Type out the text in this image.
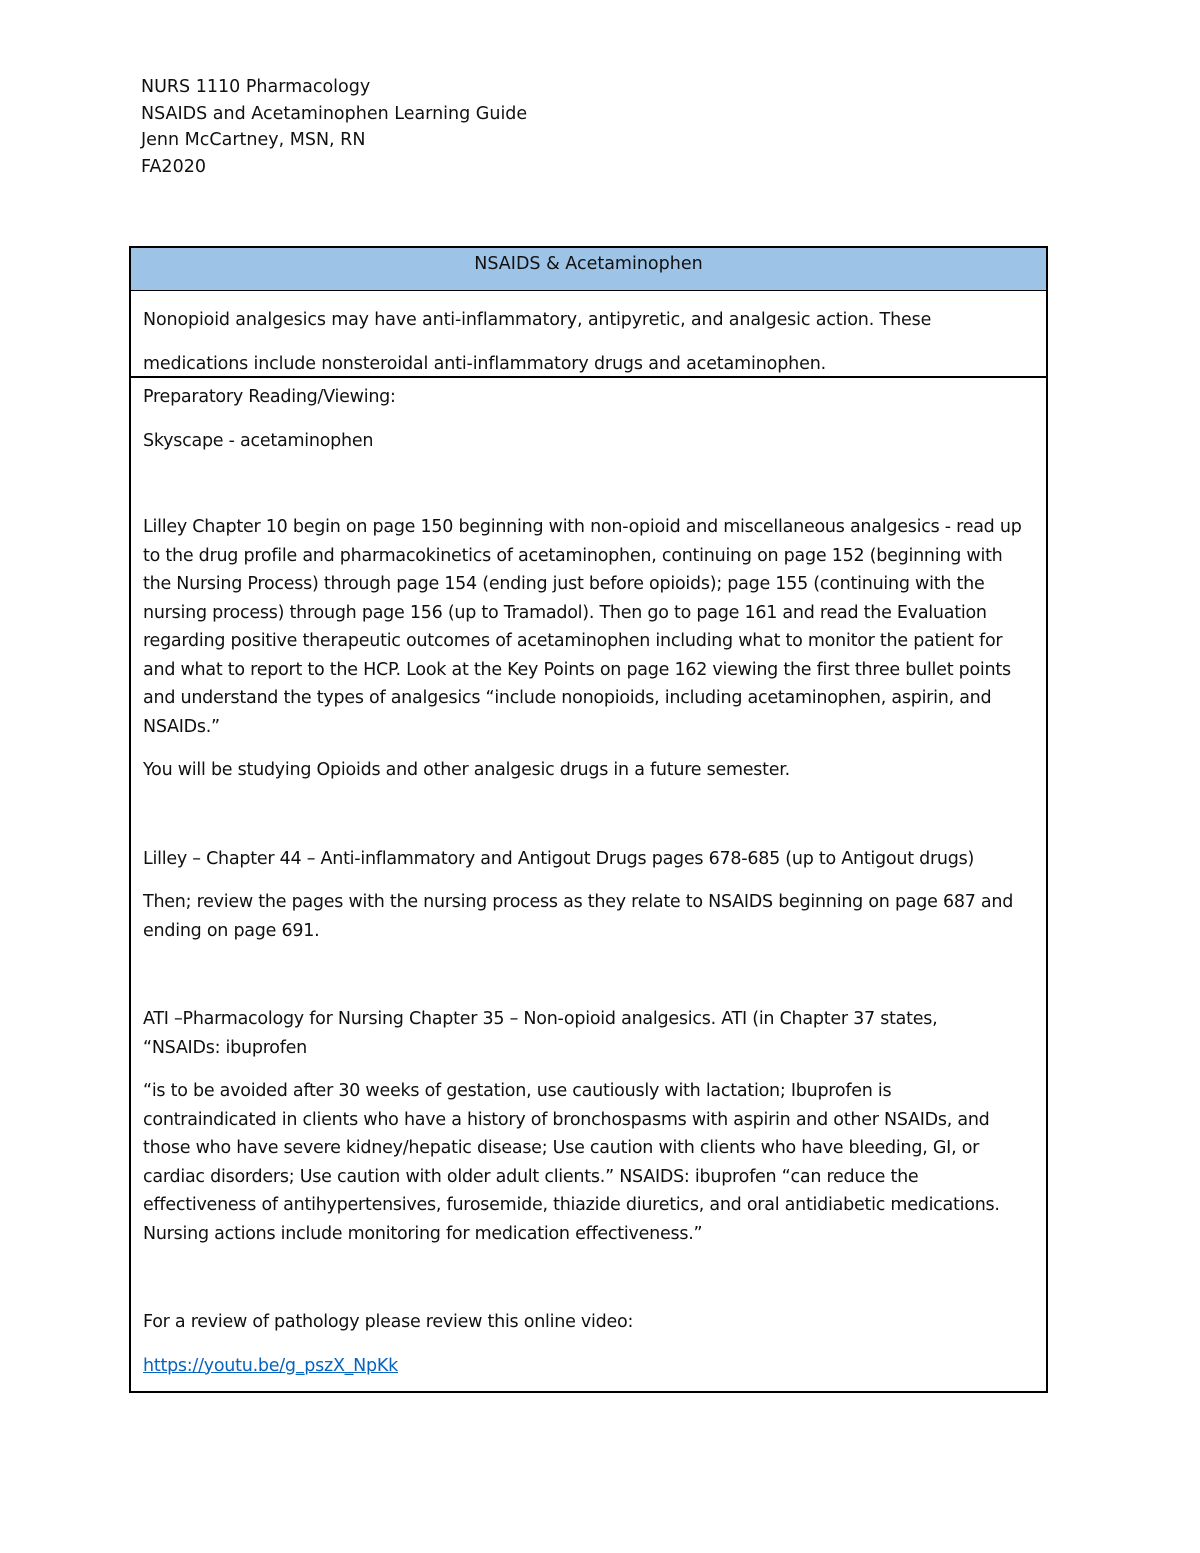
NURS 1110 Pharmacology
NSAIDS and Acetaminophen Learning Guide
Jenn McCartney, MSN, RN
FA2020
NSAIDS & Acetaminophen
Nonopioid analgesics may have anti-inflammatory, antipyretic, and analgesic action. These
medications include nonsteroidal anti-inflammatory drugs and acetaminophen.

Preparatory Reading/Viewing:

Skyscape - acetaminophen

Lilley Chapter 10 begin on page 150 beginning with non-opioid and miscellaneous analgesics - read up
to the drug profile and pharmacokinetics of acetaminophen, continuing on page 152 (beginning with
the Nursing Process) through page 154 (ending just before opioids); page 155 (continuing with the
nursing process) through page 156 (up to Tramadol). Then go to page 161 and read the Evaluation
regarding positive therapeutic outcomes of acetaminophen including what to monitor the patient for
and what to report to the HCP. Look at the Key Points on page 162 viewing the first three bullet points
and understand the types of analgesics “include nonopioids, including acetaminophen, aspirin, and
NSAIDs.”

You will be studying Opioids and other analgesic drugs in a future semester.

Lilley – Chapter 44 – Anti-inflammatory and Antigout Drugs pages 678-685 (up to Antigout drugs)

Then; review the pages with the nursing process as they relate to NSAIDS beginning on page 687 and
ending on page 691.
ATI –Pharmacology for Nursing Chapter 35 – Non-opioid analgesics. ATI (in Chapter 37 states,
“NSAIDs: ibuprofen
“is to be avoided after 30 weeks of gestation, use cautiously with lactation; Ibuprofen is
contraindicated in clients who have a history of bronchospasms with aspirin and other NSAIDs, and
those who have severe kidney/hepatic disease; Use caution with clients who have bleeding, GI, or
cardiac disorders; Use caution with older adult clients.” NSAIDS: ibuprofen “can reduce the
effectiveness of antihypertensives, furosemide, thiazide diuretics, and oral antidiabetic medications.
Nursing actions include monitoring for medication effectiveness.”

For a review of pathology please review this online video:

https://youtu.be/g_pszX_NpKk
